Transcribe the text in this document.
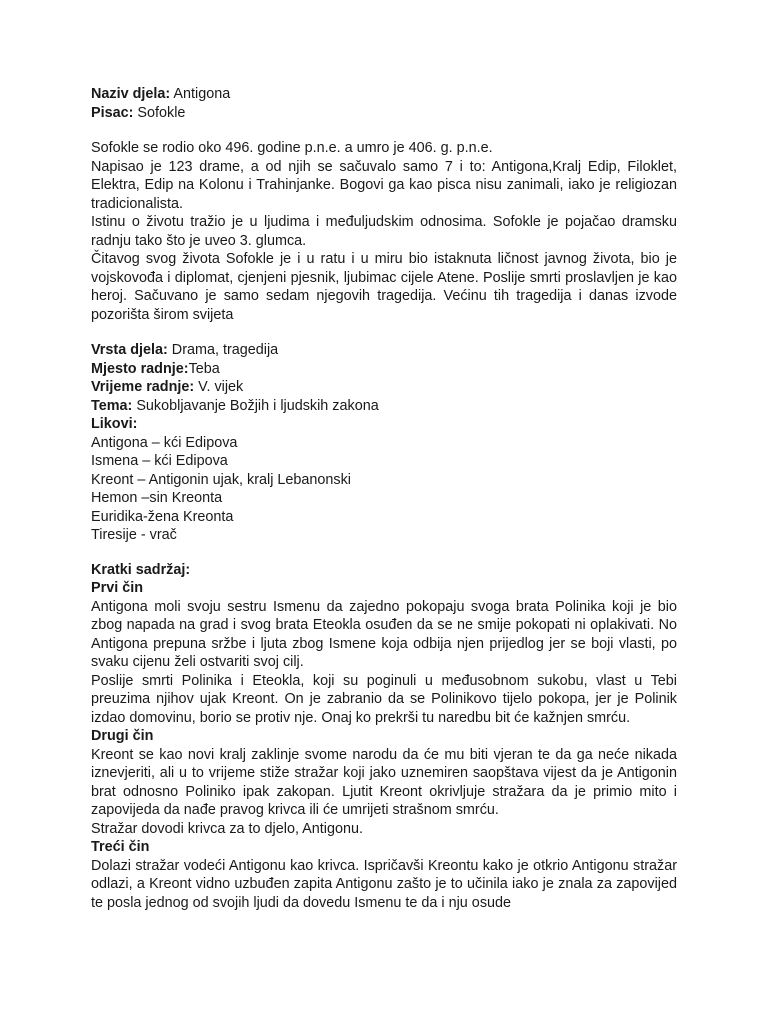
Naziv djela: Antigona

Pisac: Sofokle

Sofokle se rodio oko 496. godine p.n.e. a umro je 406. g. p.n.e.

Napisao je 123 drame, a od njih se sačuvalo samo 7 i to: Antigona,Kralj Edip, Filoklet, Elektra, Edip na Kolonu i Trahinjanke. Bogovi ga kao pisca nisu zanimali, iako je religiozan tradicionalista.

Istinu o životu tražio je u ljudima i međuljudskim odnosima. Sofokle je pojačao dramsku radnju tako što je uveo 3. glumca.

Čitavog svog života Sofokle je i u ratu i u miru bio istaknuta ličnost javnog života, bio je vojskovođa i diplomat, cjenjeni pjesnik, ljubimac cijele Atene. Poslije smrti proslavljen je kao heroj. Sačuvano je samo sedam njegovih tragedija. Većinu tih tragedija i danas izvode pozorišta širom svijeta

Vrsta djela: Drama, tragedija

Mjesto radnje:Teba

Vrijeme radnje: V. vijek

Tema: Sukobljavanje Božjih i ljudskih zakona

Likovi:

Antigona – kći Edipova

Ismena – kći Edipova

Kreont – Antigonin ujak, kralj Lebanonski

Hemon –sin Kreonta

Euridika-žena Kreonta

Tiresije - vrač

Kratki sadržaj:

Prvi čin

Antigona moli svoju sestru Ismenu da zajedno pokopaju svoga brata Polinika koji je bio zbog napada na grad i svog brata Eteokla osuđen da se ne smije pokopati ni oplakivati. No Antigona prepuna sržbe i ljuta zbog Ismene koja odbija njen prijedlog jer se boji vlasti, po svaku cijenu želi ostvariti svoj cilj.

Poslije smrti Polinika i Eteokla, koji su poginuli u međusobnom sukobu, vlast u Tebi preuzima njihov ujak Kreont. On je zabranio da se Polinikovo tijelo pokopa, jer je Polinik izdao domovinu, borio se protiv nje. Onaj ko prekrši tu naredbu bit će kažnjen smrću.

Drugi čin

Kreont se kao novi kralj zaklinje svome narodu da će mu biti vjeran te da ga neće nikada iznevjeriti, ali u to vrijeme stiže stražar koji jako uznemiren saopštava vijest da je Antigonin brat odnosno Poliniko ipak zakopan. Ljutit Kreont okrivljuje stražara da je primio mito i zapovijeda da nađe pravog krivca ili će umrijeti strašnom smrću.

Stražar dovodi krivca za to djelo, Antigonu.

Treći čin

Dolazi stražar vodeći Antigonu kao krivca. Ispričavši Kreontu kako je otkrio Antigonu stražar odlazi, a Kreont vidno uzbuđen zapita Antigonu zašto je to učinila iako je znala za zapovijed te posla jednog od svojih ljudi da dovedu Ismenu te da i nju osude
